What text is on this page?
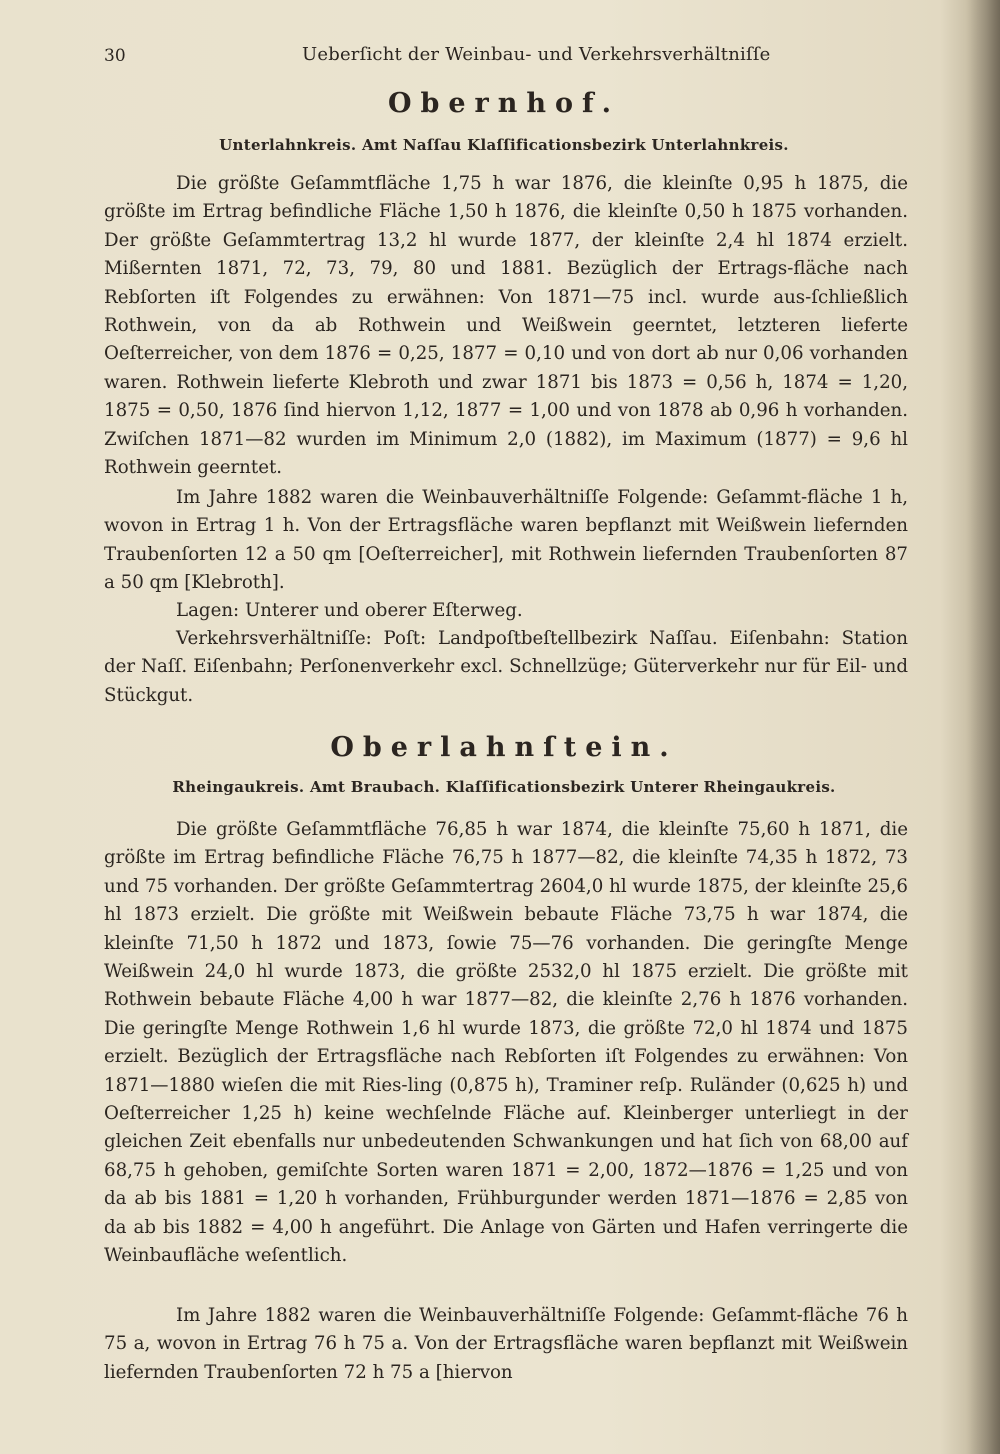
30	Ueberſicht der Weinbau- und Verkehrsverhältniſſe
Obernhof.
Unterlahnkreis. Amt Naſſau Klaſſificationsbezirk Unterlahnkreis.

Die größte Geſammtfläche 1,75 h war 1876, die kleinſte 0,95 h 1875, die größte im Ertrag befindliche Fläche 1,50 h 1876, die kleinſte 0,50 h 1875 vorhanden. Der größte Geſammtertrag 13,2 hl wurde 1877, der kleinſte 2,4 hl 1874 erzielt. Mißernten 1871, 72, 73, 79, 80 und 1881. Bezüglich der Ertrags-fläche nach Rebſorten iſt Folgendes zu erwähnen: Von 1871—75 incl. wurde aus-ſchließlich Rothwein, von da ab Rothwein und Weißwein geerntet, letzteren lieferte Oeſterreicher, von dem 1876 = 0,25, 1877 = 0,10 und von dort ab nur 0,06 vorhanden waren. Rothwein lieferte Klebroth und zwar 1871 bis 1873 = 0,56 h, 1874 = 1,20, 1875 = 0,50, 1876 ſind hiervon 1,12, 1877 = 1,00 und von 1878 ab 0,96 h vorhanden. Zwiſchen 1871—82 wurden im Minimum 2,0 (1882), im Maximum (1877) = 9,6 hl Rothwein geerntet.

Im Jahre 1882 waren die Weinbauverhältniſſe Folgende: Geſammt-fläche 1 h, wovon in Ertrag 1 h. Von der Ertragsfläche waren bepflanzt mit Weißwein liefernden Traubenſorten 12 a 50 qm [Oeſterreicher], mit Rothwein liefernden Traubenſorten 87 a 50 qm [Klebroth].

Lagen: Unterer und oberer Eſterweg.

Verkehrsverhältniſſe: Poſt: Landpoſtbeſtellbezirk Naſſau. Eiſenbahn: Station der Naſſ. Eiſenbahn; Perſonenverkehr excl. Schnellzüge; Güterverkehr nur für Eil- und Stückgut.

Oberlahnſtein.
Rheingaukreis. Amt Braubach. Klaſſificationsbezirk Unterer Rheingaukreis.

Die größte Geſammtfläche 76,85 h war 1874, die kleinſte 75,60 h 1871, die größte im Ertrag befindliche Fläche 76,75 h 1877—82, die kleinſte 74,35 h 1872, 73 und 75 vorhanden. Der größte Geſammtertrag 2604,0 hl wurde 1875, der kleinſte 25,6 hl 1873 erzielt. Die größte mit Weißwein bebaute Fläche 73,75 h war 1874, die kleinſte 71,50 h 1872 und 1873, ſowie 75—76 vorhanden. Die geringſte Menge Weißwein 24,0 hl wurde 1873, die größte 2532,0 hl 1875 erzielt. Die größte mit Rothwein bebaute Fläche 4,00 h war 1877—82, die kleinſte 2,76 h 1876 vorhanden. Die geringſte Menge Rothwein 1,6 hl wurde 1873, die größte 72,0 hl 1874 und 1875 erzielt. Bezüglich der Ertragsfläche nach Rebſorten iſt Folgendes zu erwähnen: Von 1871—1880 wieſen die mit Ries-ling (0,875 h), Traminer reſp. Ruländer (0,625 h) und Oeſterreicher 1,25 h) keine wechſelnde Fläche auf. Kleinberger unterliegt in der gleichen Zeit ebenfalls nur unbedeutenden Schwankungen und hat ſich von 68,00 auf 68,75 h gehoben, gemiſchte Sorten waren 1871 = 2,00, 1872—1876 = 1,25 und von da ab bis 1881 = 1,20 h vorhanden, Frühburgunder werden 1871—1876 = 2,85 von da ab bis 1882 = 4,00 h angeführt. Die Anlage von Gärten und Hafen verringerte die Weinbaufläche weſentlich.

Im Jahre 1882 waren die Weinbauverhältniſſe Folgende: Geſammt-fläche 76 h 75 a, wovon in Ertrag 76 h 75 a. Von der Ertragsfläche waren bepflanzt mit Weißwein liefernden Traubenſorten 72 h 75 a [hiervon
